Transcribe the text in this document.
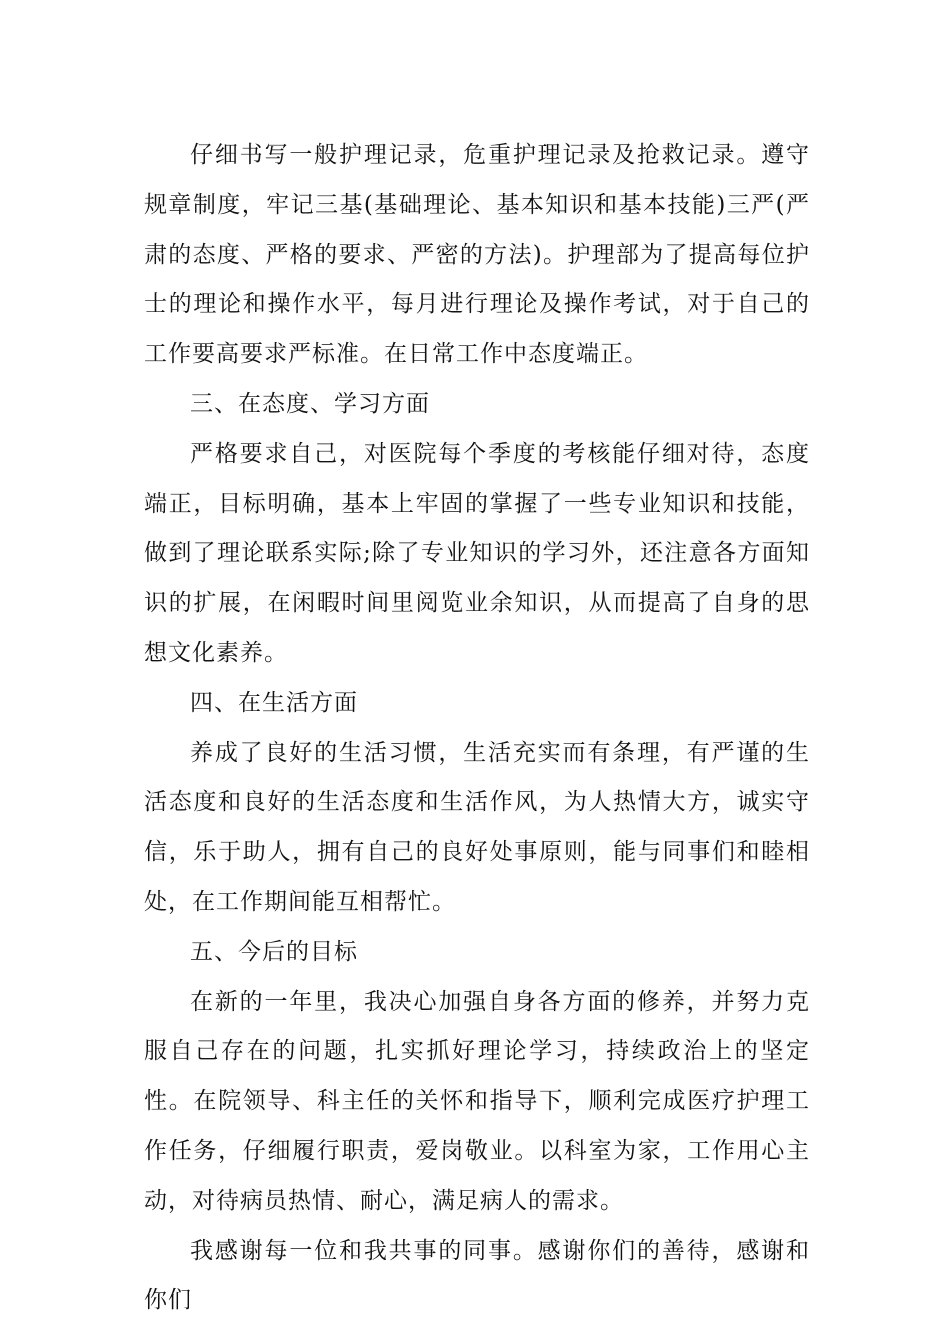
仔细书写一般护理记录，危重护理记录及抢救记录。遵守规章制度，牢记三基(基础理论、基本知识和基本技能)三严(严肃的态度、严格的要求、严密的方法)。护理部为了提高每位护士的理论和操作水平，每月进行理论及操作考试，对于自己的工作要高要求严标准。在日常工作中态度端正。

三、在态度、学习方面

严格要求自己，对医院每个季度的考核能仔细对待，态度端正，目标明确，基本上牢固的掌握了一些专业知识和技能，做到了理论联系实际;除了专业知识的学习外，还注意各方面知识的扩展，在闲暇时间里阅览业余知识，从而提高了自身的思想文化素养。

四、在生活方面

养成了良好的生活习惯，生活充实而有条理，有严谨的生活态度和良好的生活态度和生活作风，为人热情大方，诚实守信，乐于助人，拥有自己的良好处事原则，能与同事们和睦相处，在工作期间能互相帮忙。

五、今后的目标

在新的一年里，我决心加强自身各方面的修养，并努力克服自己存在的问题，扎实抓好理论学习，持续政治上的坚定性。在院领导、科主任的关怀和指导下，顺利完成医疗护理工作任务，仔细履行职责，爱岗敬业。以科室为家，工作用心主动，对待病员热情、耐心，满足病人的需求。

我感谢每一位和我共事的同事。感谢你们的善待，感谢和你们
